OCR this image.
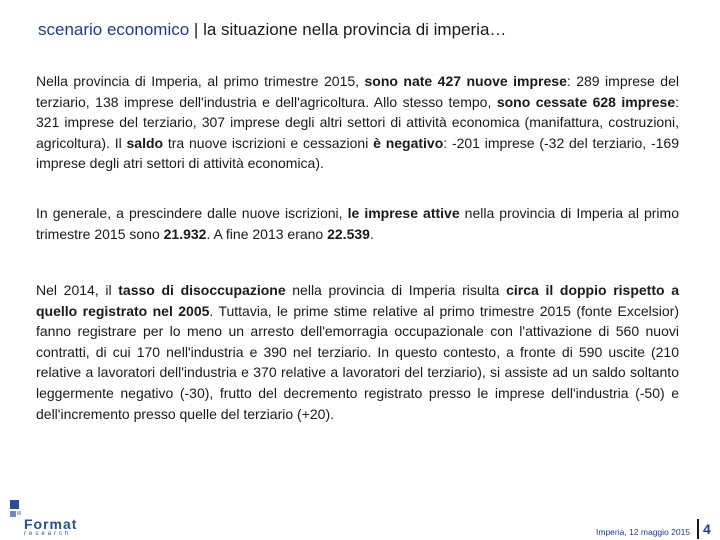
scenario economico | la situazione nella provincia di imperia…

Nella provincia di Imperia, al primo trimestre 2015, sono nate 427 nuove imprese: 289 imprese del terziario, 138 imprese dell'industria e dell'agricoltura. Allo stesso tempo, sono cessate 628 imprese: 321 imprese del terziario, 307 imprese degli altri settori di attività economica (manifattura, costruzioni, agricoltura). Il saldo tra nuove iscrizioni e cessazioni è negativo: -201 imprese (-32 del terziario, -169 imprese degli atri settori di attività economica).

In generale, a prescindere dalle nuove iscrizioni, le imprese attive nella provincia di Imperia al primo trimestre 2015 sono 21.932. A fine 2013 erano 22.539.

Nel 2014, il tasso di disoccupazione nella provincia di Imperia risulta circa il doppio rispetto a quello registrato nel 2005. Tuttavia, le prime stime relative al primo trimestre 2015 (fonte Excelsior) fanno registrare per lo meno un arresto dell'emorragia occupazionale con l'attivazione di 560 nuovi contratti, di cui 170 nell'industria e 390 nel terziario. In questo contesto, a fronte di 590 uscite (210 relative a lavoratori dell'industria e 370 relative a lavoratori del terziario), si assiste ad un saldo soltanto leggermente negativo (-30), frutto del decremento registrato presso le imprese dell'industria (-50) e dell'incremento presso quelle del terziario (+20).

Format
research	Imperia, 12 maggio 2015 4
